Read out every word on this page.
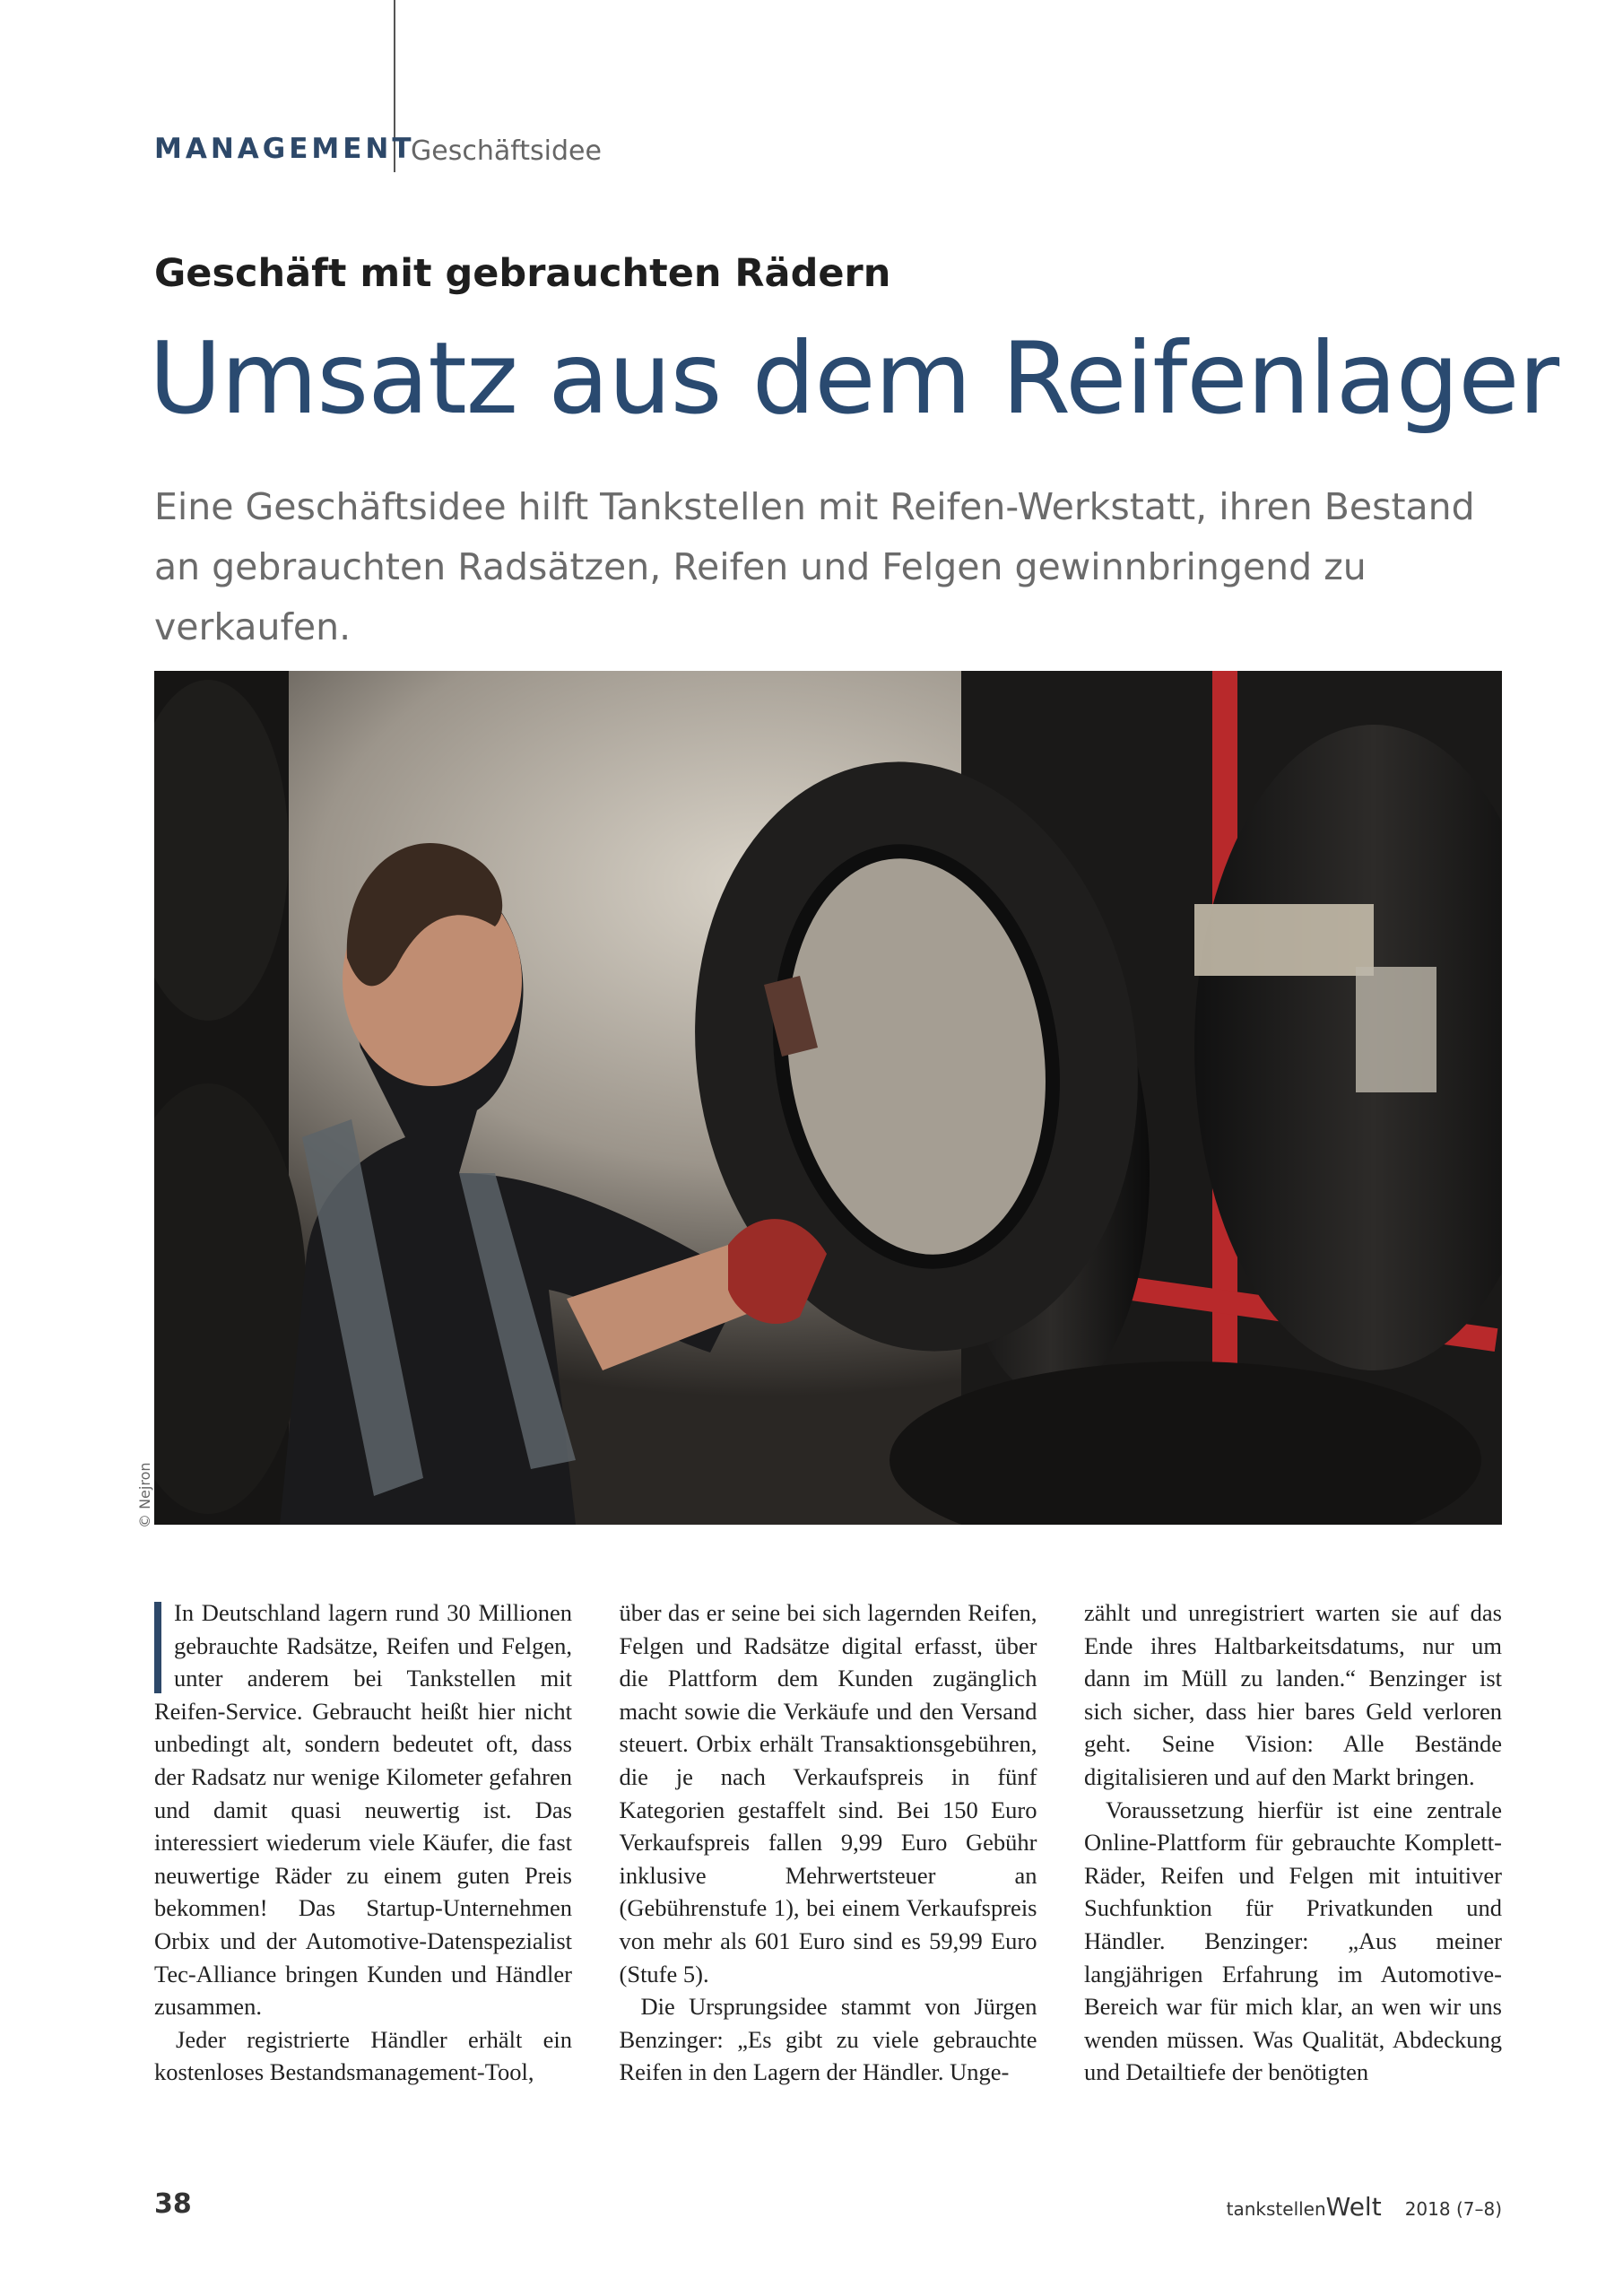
MANAGEMENT
Geschäftsidee
Geschäft mit gebrauchten Rädern
Umsatz aus dem Reifenlager
Eine Geschäftsidee hilft Tankstellen mit Reifen-Werkstatt, ihren Bestand an gebrauchten Radsätzen, Reifen und Felgen gewinnbringend zu verkaufen.
© Nejron

In Deutschland lagern rund 30 Millionen gebrauchte Radsätze, Reifen und Felgen, unter anderem bei Tankstellen mit Reifen-Service. Gebraucht heißt hier nicht unbedingt alt, sondern bedeutet oft, dass der Radsatz nur wenige Kilometer gefahren und damit quasi neuwertig ist. Das interessiert wiederum viele Käufer, die fast neuwertige Räder zu einem guten Preis bekommen! Das Startup-Unternehmen Orbix und der Automotive-Datenspezialist Tec-Alliance bringen Kunden und Händler zusammen.

Jeder registrierte Händler erhält ein kostenloses Bestandsmanagement-Tool,

über das er seine bei sich lagernden Reifen, Felgen und Radsätze digital erfasst, über die Plattform dem Kunden zugänglich macht sowie die Verkäufe und den Versand steuert. Orbix erhält Transaktionsgebühren, die je nach Verkaufspreis in fünf Kategorien gestaffelt sind. Bei 150 Euro Verkaufspreis fallen 9,99 Euro Gebühr inklusive Mehrwertsteuer an (Gebührenstufe 1), bei einem Verkaufspreis von mehr als 601 Euro sind es 59,99 Euro (Stufe 5).

Die Ursprungsidee stammt von Jürgen Benzinger: „Es gibt zu viele gebrauchte Reifen in den Lagern der Händler. Unge-

zählt und unregistriert warten sie auf das Ende ihres Haltbarkeitsdatums, nur um dann im Müll zu landen.“ Benzinger ist sich sicher, dass hier bares Geld verloren geht. Seine Vision: Alle Bestände digitalisieren und auf den Markt bringen.

Voraussetzung hierfür ist eine zentrale Online-Plattform für gebrauchte Komplett-Räder, Reifen und Felgen mit intuitiver Suchfunktion für Privatkunden und Händler. Benzinger: „Aus meiner langjährigen Erfahrung im Automotive-Bereich war für mich klar, an wen wir uns wenden müssen. Was Qualität, Abdeckung und Detailtiefe der benötigten

38	tankstellen Welt 2018 (7–8)
